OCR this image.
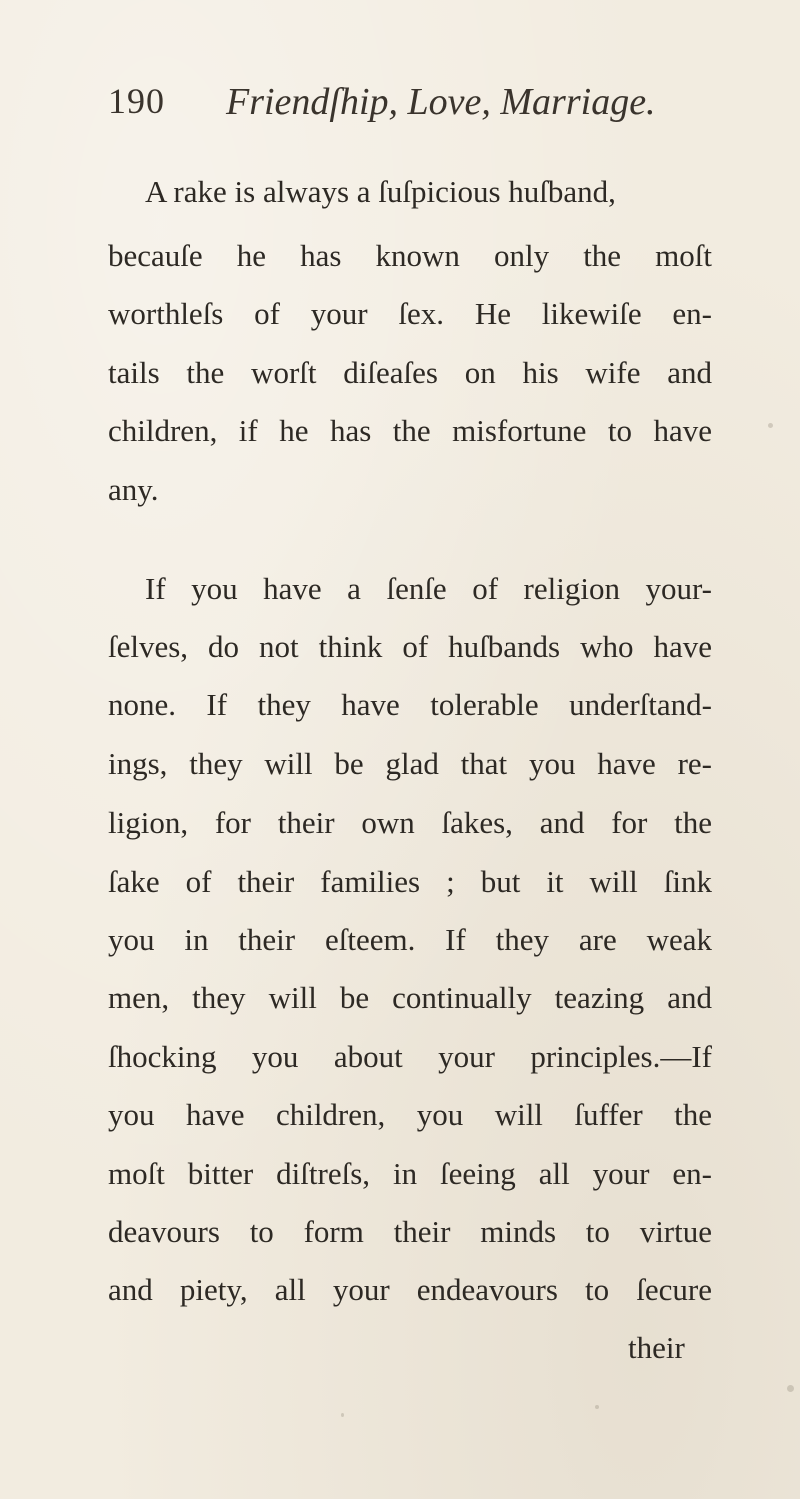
190 Friendſhip, Love, Marriage.
A rake is always a ſuſpicious huſband,
becauſe he has known only the moſt
worthleſs of your ſex. He likewiſe en-
tails the worſt diſeaſes on his wife and
children, if he has the misfortune to have
any.
If you have a ſenſe of religion your-
ſelves, do not think of huſbands who have
none. If they have tolerable underſtand-
ings, they will be glad that you have re-
ligion, for their own ſakes, and for the
ſake of their families ; but it will ſink
you in their eſteem. If they are weak
men, they will be continually teazing and
ſhocking you about your principles.—If
you have children, you will ſuffer the
moſt bitter diſtreſs, in ſeeing all your en-
deavours to form their minds to virtue
and piety, all your endeavours to ſecure
their
